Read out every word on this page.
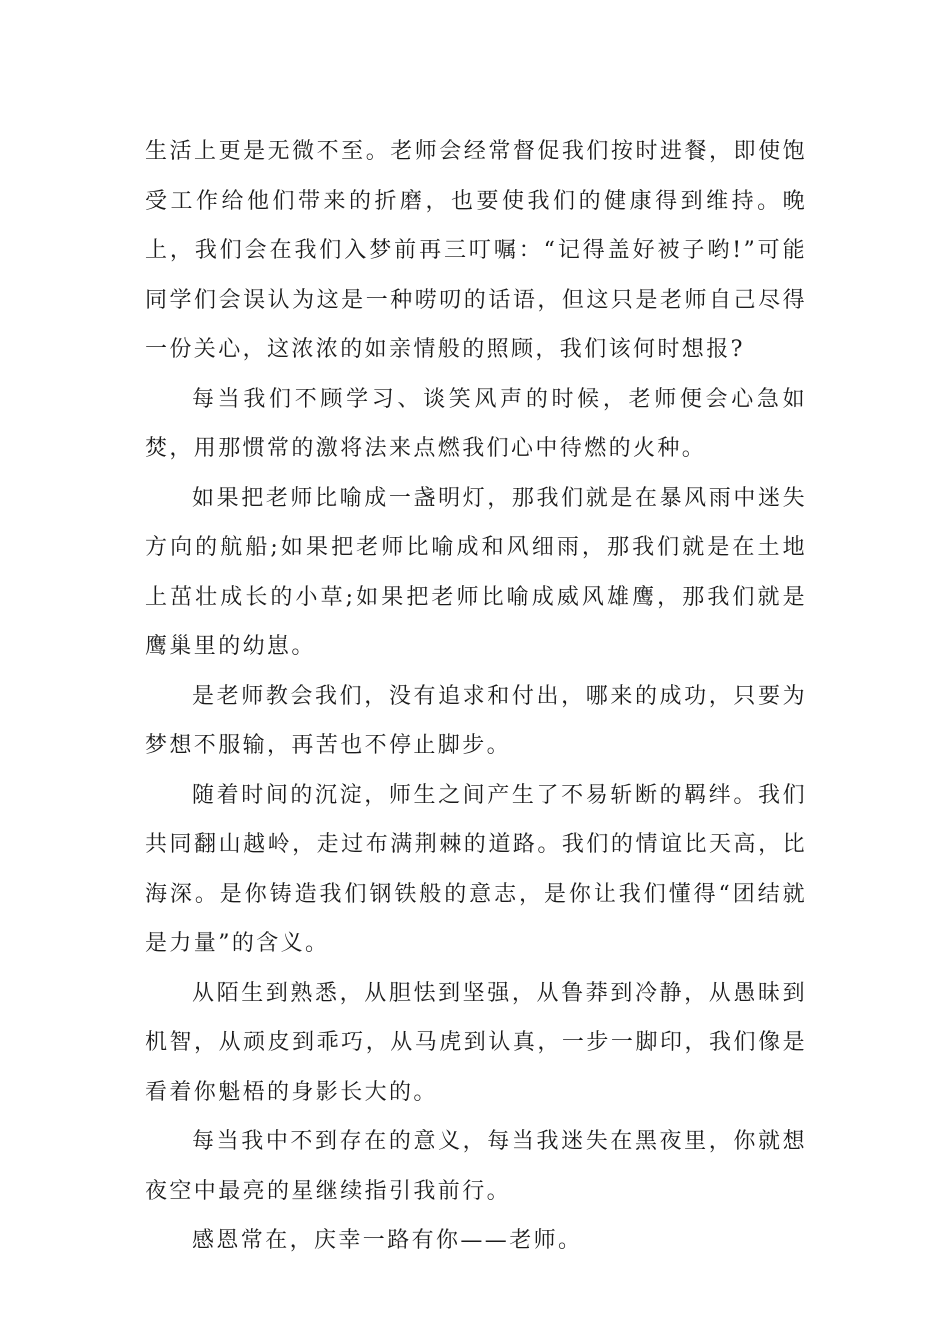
生活上更是无微不至。老师会经常督促我们按时进餐，即使饱受工作给他们带来的折磨，也要使我们的健康得到维持。晚上，我们会在我们入梦前再三叮嘱：“记得盖好被子哟!”可能同学们会误认为这是一种唠叨的话语，但这只是老师自己尽得一份关心，这浓浓的如亲情般的照顾，我们该何时想报?

每当我们不顾学习、谈笑风声的时候，老师便会心急如焚，用那惯常的激将法来点燃我们心中待燃的火种。

如果把老师比喻成一盏明灯，那我们就是在暴风雨中迷失方向的航船;如果把老师比喻成和风细雨，那我们就是在土地上茁壮成长的小草;如果把老师比喻成威风雄鹰，那我们就是鹰巢里的幼崽。

是老师教会我们，没有追求和付出，哪来的成功，只要为梦想不服输，再苦也不停止脚步。

随着时间的沉淀，师生之间产生了不易斩断的羁绊。我们共同翻山越岭，走过布满荆棘的道路。我们的情谊比天高，比海深。是你铸造我们钢铁般的意志，是你让我们懂得“团结就是力量”的含义。

从陌生到熟悉，从胆怯到坚强，从鲁莽到冷静，从愚昧到机智，从顽皮到乖巧，从马虎到认真，一步一脚印，我们像是看着你魁梧的身影长大的。

每当我中不到存在的意义，每当我迷失在黑夜里，你就想夜空中最亮的星继续指引我前行。

感恩常在，庆幸一路有你——老师。
